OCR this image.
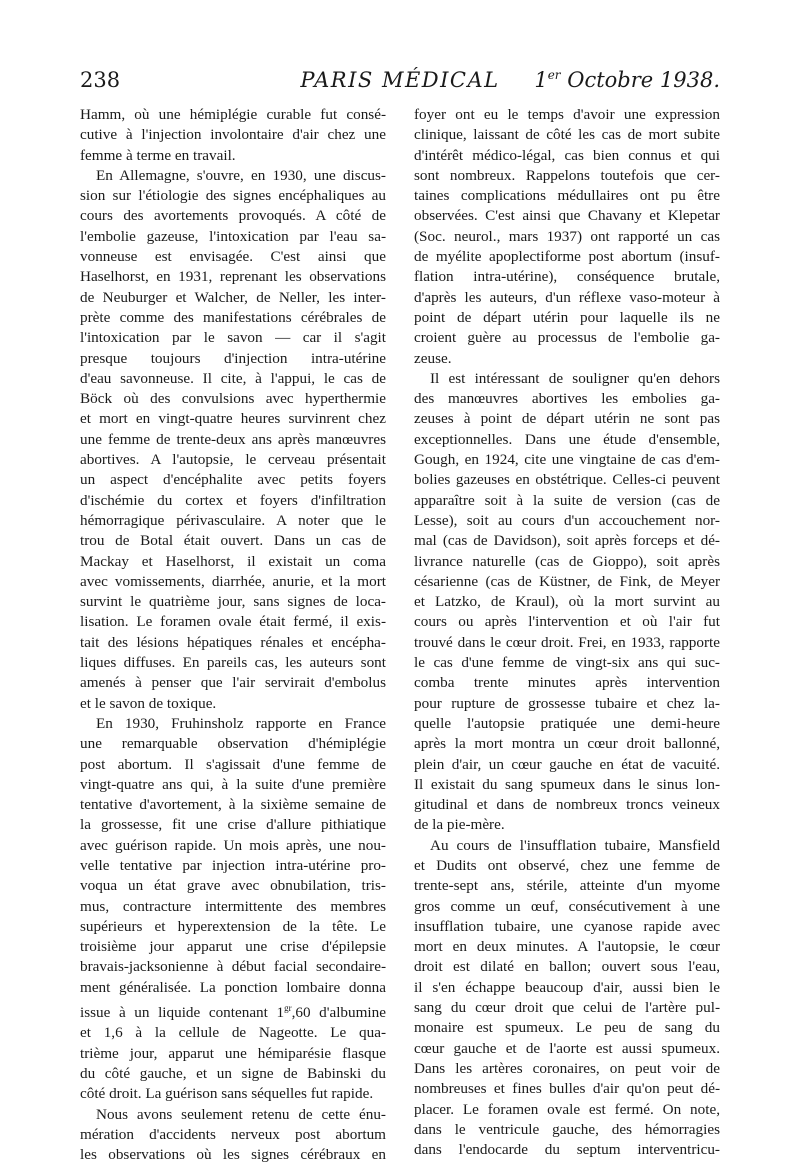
238	PARIS MÉDICAL	1er Octobre 1938.

Hamm, où une hémiplégie curable fut consé-
cutive à l'injection involontaire d'air chez une
femme à terme en travail.

En Allemagne, s'ouvre, en 1930, une discus-
sion sur l'étiologie des signes encéphaliques au
cours des avortements provoqués. A côté de
l'embolie gazeuse, l'intoxication par l'eau sa-
vonneuse est envisagée. C'est ainsi que
Haselhorst, en 1931, reprenant les observations
de Neuburger et Walcher, de Neller, les inter-
prète comme des manifestations cérébrales de
l'intoxication par le savon — car il s'agit
presque toujours d'injection intra-utérine
d'eau savonneuse. Il cite, à l'appui, le cas de
Böck où des convulsions avec hyperthermie
et mort en vingt-quatre heures survinrent chez
une femme de trente-deux ans après manœuvres
abortives. A l'autopsie, le cerveau présentait
un aspect d'encéphalite avec petits foyers
d'ischémie du cortex et foyers d'infiltration
hémorragique périvasculaire. A noter que le
trou de Botal était ouvert. Dans un cas de
Mackay et Haselhorst, il existait un coma
avec vomissements, diarrhée, anurie, et la mort
survint le quatrième jour, sans signes de loca-
lisation. Le foramen ovale était fermé, il exis-
tait des lésions hépatiques rénales et encépha-
liques diffuses. En pareils cas, les auteurs sont
amenés à penser que l'air servirait d'embolus
et le savon de toxique.

En 1930, Fruhinsholz rapporte en France
une remarquable observation d'hémiplégie
post abortum. Il s'agissait d'une femme de
vingt-quatre ans qui, à la suite d'une première
tentative d'avortement, à la sixième semaine de
la grossesse, fit une crise d'allure pithiatique
avec guérison rapide. Un mois après, une nou-
velle tentative par injection intra-utérine pro-
voqua un état grave avec obnubilation, tris-
mus, contracture intermittente des membres
supérieurs et hyperextension de la tête. Le
troisième jour apparut une crise d'épilepsie
bravais-jacksonienne à début facial secondaire-
ment généralisée. La ponction lombaire donna
issue à un liquide contenant $1^{gr},60$ d'albumine
et 1,6 à la cellule de Nageotte. Le qua-
trième jour, apparut une hémiparésie flasque
du côté gauche, et un signe de Babinski du
côté droit. La guérison sans séquelles fut rapide.

Nous avons seulement retenu de cette énu-
mération d'accidents nerveux post abortum
les observations où les signes cérébraux en

foyer ont eu le temps d'avoir une expression
clinique, laissant de côté les cas de mort subite
d'intérêt médico-légal, cas bien connus et qui
sont nombreux. Rappelons toutefois que cer-
taines complications médullaires ont pu être
observées. C'est ainsi que Chavany et Klepetar
(Soc. neurol., mars 1937) ont rapporté un cas
de myélite apoplectiforme post abortum (insuf-
flation intra-utérine), conséquence brutale,
d'après les auteurs, d'un réflexe vaso-moteur à
point de départ utérin pour laquelle ils ne
croient guère au processus de l'embolie ga-
zeuse.

Il est intéressant de souligner qu'en dehors
des manœuvres abortives les embolies ga-
zeuses à point de départ utérin ne sont pas
exceptionnelles. Dans une étude d'ensemble,
Gough, en 1924, cite une vingtaine de cas d'em-
bolies gazeuses en obstétrique. Celles-ci peuvent
apparaître soit à la suite de version (cas de
Lesse), soit au cours d'un accouchement nor-
mal (cas de Davidson), soit après forceps et dé-
livrance naturelle (cas de Gioppo), soit après
césarienne (cas de Küstner, de Fink, de Meyer
et Latzko, de Kraul), où la mort survint au
cours ou après l'intervention et où l'air fut
trouvé dans le cœur droit. Frei, en 1933, rapporte
le cas d'une femme de vingt-six ans qui suc-
comba trente minutes après intervention
pour rupture de grossesse tubaire et chez la-
quelle l'autopsie pratiquée une demi-heure
après la mort montra un cœur droit ballonné,
plein d'air, un cœur gauche en état de vacuité.
Il existait du sang spumeux dans le sinus lon-
gitudinal et dans de nombreux troncs veineux
de la pie-mère.

Au cours de l'insufflation tubaire, Mansfield
et Dudits ont observé, chez une femme de
trente-sept ans, stérile, atteinte d'un myome
gros comme un œuf, consécutivement à une
insufflation tubaire, une cyanose rapide avec
mort en deux minutes. A l'autopsie, le cœur
droit est dilaté en ballon; ouvert sous l'eau,
il s'en échappe beaucoup d'air, aussi bien le
sang du cœur droit que celui de l'artère pul-
monaire est spumeux. Le peu de sang du
cœur gauche et de l'aorte est aussi spumeux.
Dans les artères coronaires, on peut voir de
nombreuses et fines bulles d'air qu'on peut dé-
placer. Le foramen ovale est fermé. On note,
dans le ventricule gauche, des hémorragies
dans l'endocarde du septum interventricu-
